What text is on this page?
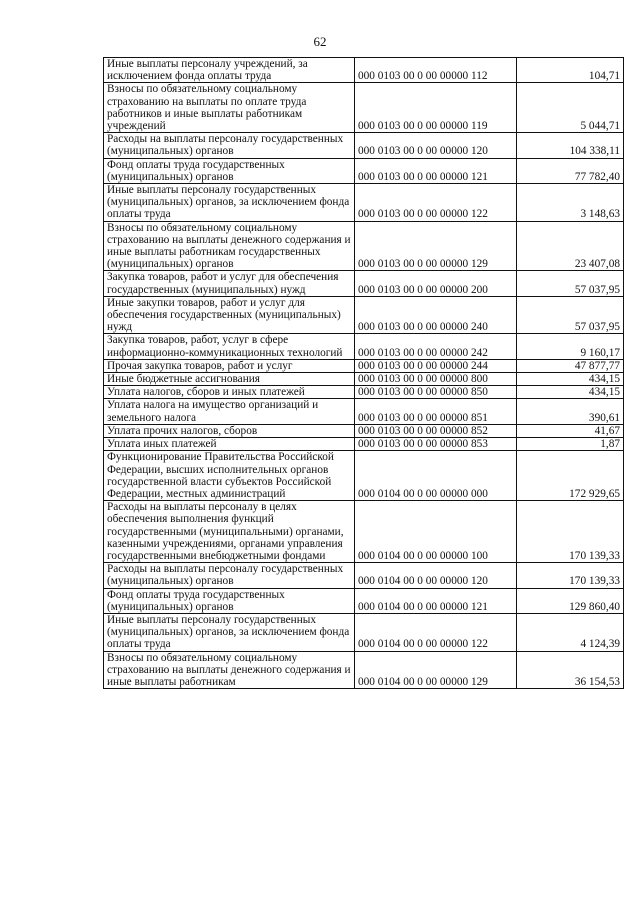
62
Иные выплаты персоналу учреждений, за исключением фонда оплаты труда	000 0103 00 0 00 00000 112	104,71
Взносы по обязательному социальному страхованию на выплаты по оплате труда работников и иные выплаты работникам учреждений	000 0103 00 0 00 00000 119	5 044,71
Расходы на выплаты персоналу государственных (муниципальных) органов	000 0103 00 0 00 00000 120	104 338,11
Фонд оплаты труда государственных (муниципальных) органов	000 0103 00 0 00 00000 121	77 782,40
Иные выплаты персоналу государственных (муниципальных) органов, за исключением фонда оплаты труда	000 0103 00 0 00 00000 122	3 148,63
Взносы по обязательному социальному страхованию на выплаты денежного содержания и иные выплаты работникам государственных (муниципальных) органов	000 0103 00 0 00 00000 129	23 407,08
Закупка товаров, работ и услуг для обеспечения государственных (муниципальных) нужд	000 0103 00 0 00 00000 200	57 037,95
Иные закупки товаров, работ и услуг для обеспечения государственных (муниципальных) нужд	000 0103 00 0 00 00000 240	57 037,95
Закупка товаров, работ, услуг в сфере информационно-коммуникационных технологий	000 0103 00 0 00 00000 242	9 160,17
Прочая закупка товаров, работ и услуг	000 0103 00 0 00 00000 244	47 877,77
Иные бюджетные ассигнования	000 0103 00 0 00 00000 800	434,15
Уплата налогов, сборов и иных платежей	000 0103 00 0 00 00000 850	434,15
Уплата налога на имущество организаций и земельного налога	000 0103 00 0 00 00000 851	390,61
Уплата прочих налогов, сборов	000 0103 00 0 00 00000 852	41,67
Уплата иных платежей	000 0103 00 0 00 00000 853	1,87
Функционирование Правительства Российской Федерации, высших исполнительных органов государственной власти субъектов Российской Федерации, местных администраций	000 0104 00 0 00 00000 000	172 929,65
Расходы на выплаты персоналу в целях обеспечения выполнения функций государственными (муниципальными) органами, казенными учреждениями, органами управления государственными внебюджетными фондами	000 0104 00 0 00 00000 100	170 139,33
Расходы на выплаты персоналу государственных (муниципальных) органов	000 0104 00 0 00 00000 120	170 139,33
Фонд оплаты труда государственных (муниципальных) органов	000 0104 00 0 00 00000 121	129 860,40
Иные выплаты персоналу государственных (муниципальных) органов, за исключением фонда оплаты труда	000 0104 00 0 00 00000 122	4 124,39
Взносы по обязательному социальному страхованию на выплаты денежного содержания и иные выплаты работникам	000 0104 00 0 00 00000 129	36 154,53
